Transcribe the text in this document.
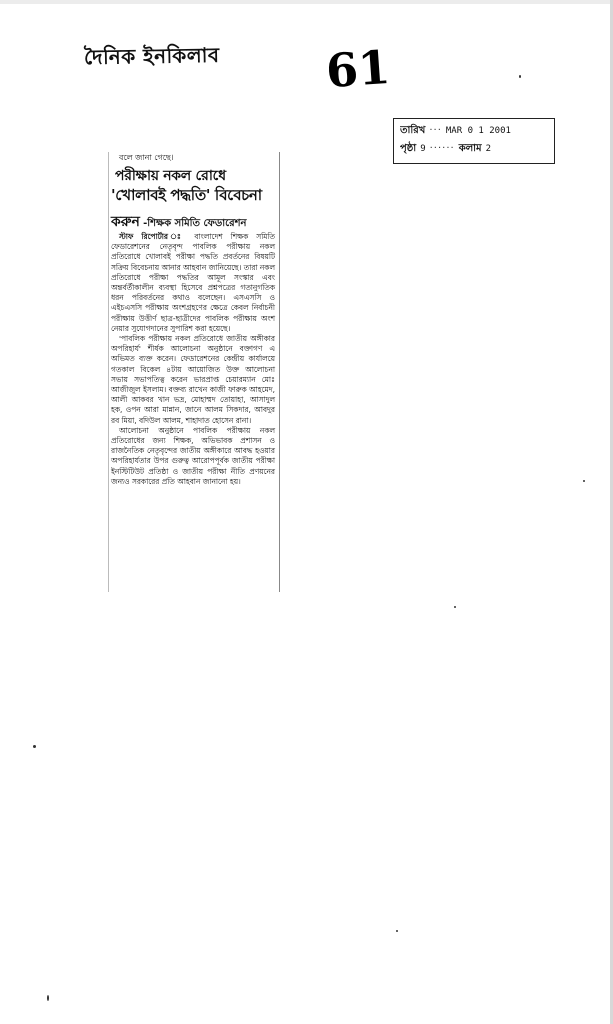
দৈনিক ইনকিলাব 61
তারিখ ··· MAR 0 1 2001
পৃষ্ঠা 9 ······ কলাম 2
বলে জানা গেছে।
পরীক্ষায় নকল রোধে
'খোলাবই পদ্ধতি' বিবেচনা
করুন -শিক্ষক সমিতি ফেডারেশন

স্টাফ রিপোর্টার ঃ বাংলাদেশ শিক্ষক সমিতি ফেডারেশনের নেতৃবৃন্দ পাবলিক পরীক্ষায় নকল প্রতিরোধে খোলাবই পরীক্ষা পদ্ধতি প্রবর্তনের বিষয়টি সক্রিয় বিবেচনায় আনার আহবান জানিয়েছে। তারা নকল প্রতিরোধে পরীক্ষা পদ্ধতির আমূল সংস্কার এবং অন্তর্বর্তীকালীন ব্যবস্থা হিসেবে প্রশ্নপত্রের গতানুগতিক ধরন পরিবর্তনের কথাও বলেছেন। এসএসসি ও এইচএসসি পরীক্ষায় অংশগ্রহণের ক্ষেত্রে কেবল নির্বাচনী পরীক্ষায় উত্তীর্ণ ছাত্র-ছাত্রীদের পাবলিক পরীক্ষায় অংশ নেয়ার সুযোগদানের সুপারিশ করা হয়েছে।

'পাবলিক পরীক্ষায় নকল প্রতিরোধে জাতীয় অঙ্গীকার অপরিহার্য' শীর্ষক আলোচনা অনুষ্ঠানে বক্তাগণ এ অভিমত ব্যক্ত করেন। ফেডারেশনের কেন্দ্রীয় কার্যালয়ে গতকাল বিকেল ৪টায় আয়োজিত উক্ত আলোচনা সভায় সভাপতিত্ব করেন ভারপ্রাপ্ত চেয়ারম্যান মোঃ আজীজুল ইসলাম। বক্তব্য রাখেন কাজী ফারুক আহমেদ, আলী আকবর খান ভদ্র, মোহাম্মদ তোয়াহা, আসাদুল হক, ওপন আরা মান্নান, জানে আলম সিকদার, আবদুর রব মিয়া, বদিউল আলম, শাহাদাত হোসেন রানা।

আলোচনা অনুষ্ঠানে পাবলিক পরীক্ষায় নকল প্রতিরোধের জন্য শিক্ষক, অভিভাবক প্রশাসন ও রাজনৈতিক নেতৃবৃন্দের জাতীয় অঙ্গীকারে আবদ্ধ হওয়ার অপরিহার্যতার উপর গুরুত্ব আরোপপূর্বক জাতীয় পরীক্ষা ইনস্টিটিউট প্রতিষ্ঠা ও জাতীয় পরীক্ষা নীতি প্রণয়নের জন্যও সরকারের প্রতি আহবান জানানো হয়।
